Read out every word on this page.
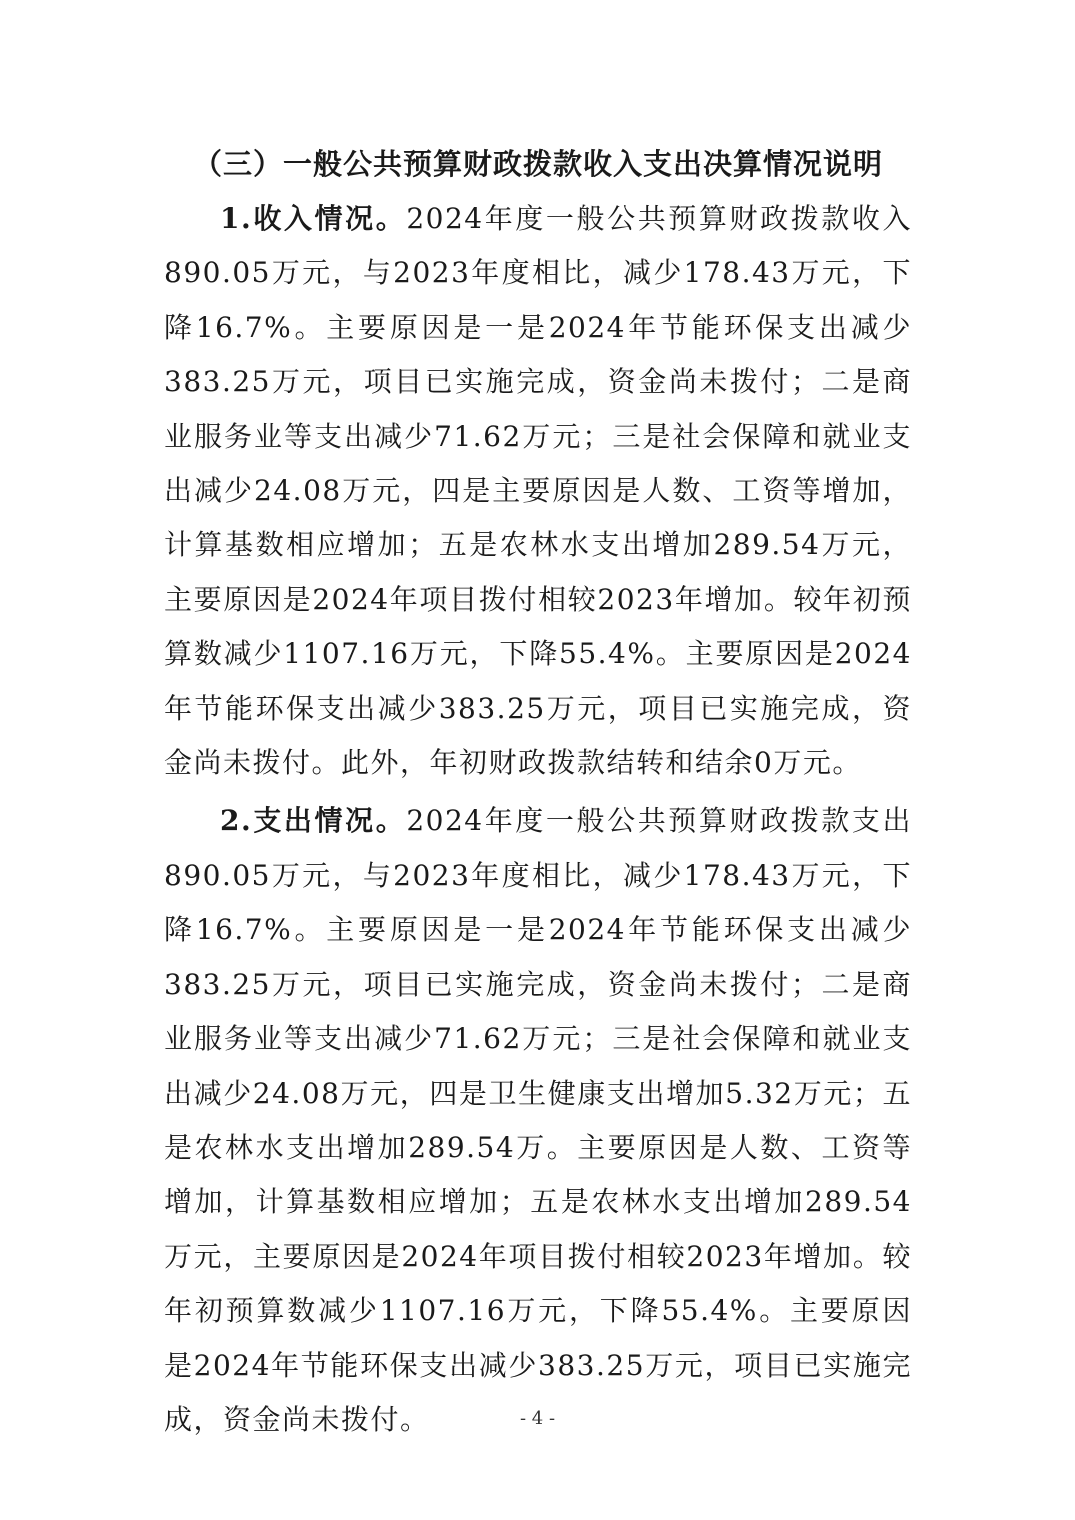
（三）一般公共预算财政拨款收入支出决算情况说明

1.收入情况。2024年度一般公共预算财政拨款收入890.05万元，与2023年度相比，减少178.43万元，下降16.7%。主要原因是一是2024年节能环保支出减少383.25万元，项目已实施完成，资金尚未拨付；二是商业服务业等支出减少71.62万元；三是社会保障和就业支出减少24.08万元，四是主要原因是人数、工资等增加，计算基数相应增加；五是农林水支出增加289.54万元，主要原因是2024年项目拨付相较2023年增加。较年初预算数减少1107.16万元，下降55.4%。主要原因是2024年节能环保支出减少383.25万元，项目已实施完成，资金尚未拨付。此外，年初财政拨款结转和结余0万元。

2.支出情况。2024年度一般公共预算财政拨款支出890.05万元，与2023年度相比，减少178.43万元，下降16.7%。主要原因是一是2024年节能环保支出减少383.25万元，项目已实施完成，资金尚未拨付；二是商业服务业等支出减少71.62万元；三是社会保障和就业支出减少24.08万元，四是卫生健康支出增加5.32万元；五是农林水支出增加289.54万。主要原因是人数、工资等增加，计算基数相应增加；五是农林水支出增加289.54万元，主要原因是2024年项目拨付相较2023年增加。较年初预算数减少1107.16万元，下降55.4%。主要原因是2024年节能环保支出减少383.25万元，项目已实施完成，资金尚未拨付。	- 4 -
